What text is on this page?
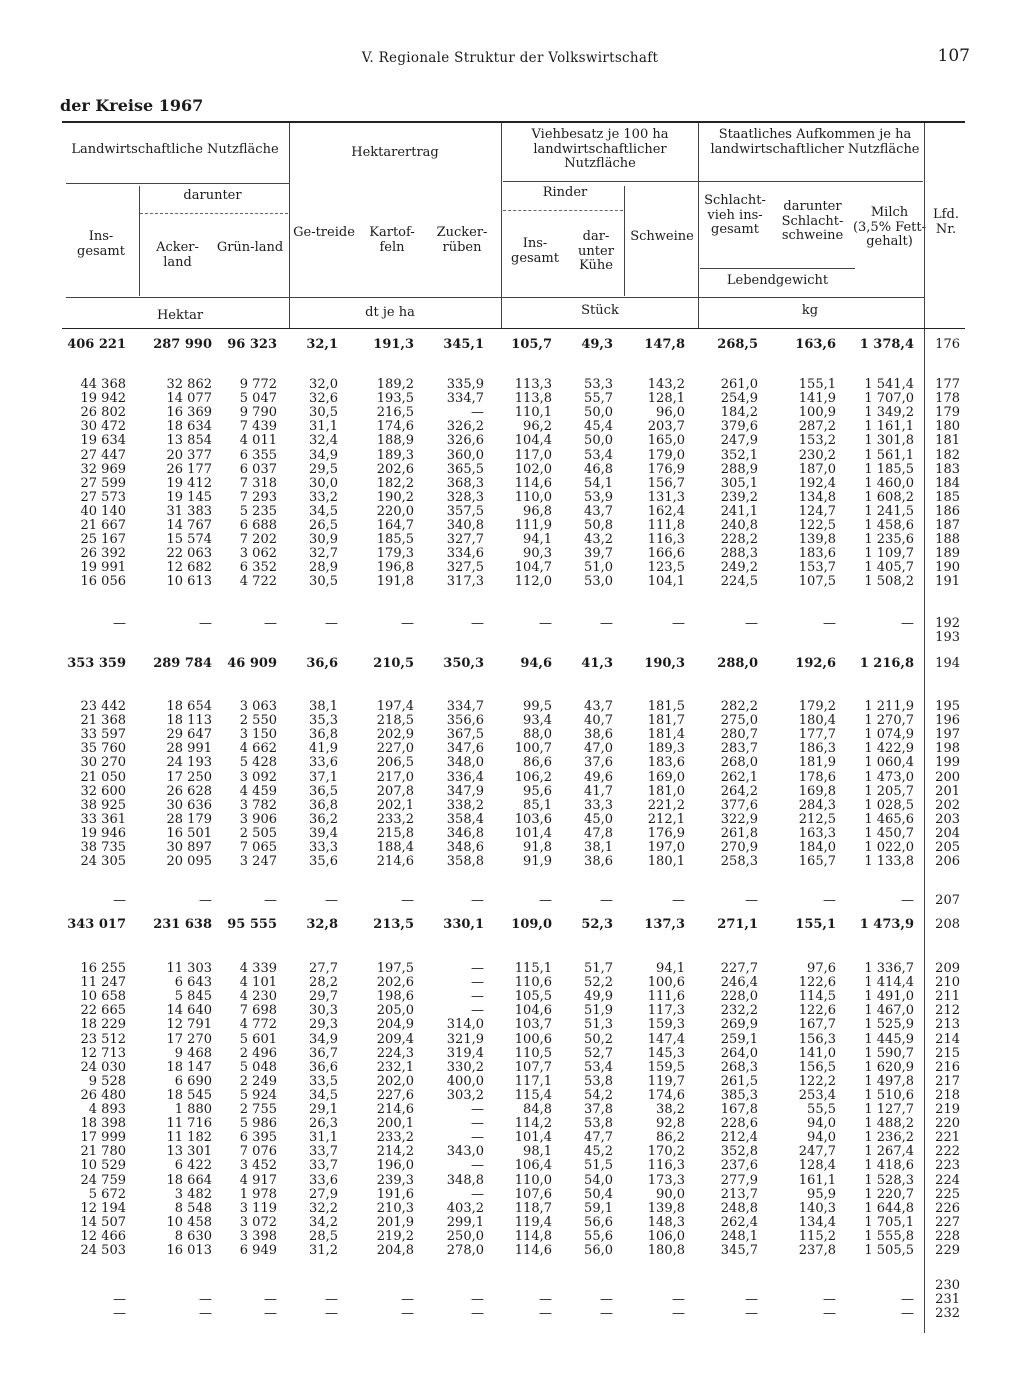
V. Regionale Struktur der Volkswirtschaft	107
der Kreise 1967
Landwirtschaftliche Nutzfläche	Hektarertrag
Viehbesatz je 100 ha landwirtschaftlicher Nutzfläche
Staatliches Aufkommen je ha landwirtschaftlicher Nutzfläche
darunter	Rinder
Ins-gesamt	Acker-land
Grün-land
Ge-treide	Kartof-feln
Zucker-rüben	Ins-gesamt
dar-unter Kühe
Schweine
Schlacht-vieh ins-gesamt
darunter Schlacht-schweine
Milch (3,5% Fett-gehalt)
Lfd. Nr.
Lebendgewicht
Hektar	dt je ha	Stück	kg
406 221	287 990	96 323	32,1	191,3	345,1	105,7	49,3	147,8	268,5	163,6	1 378,4	176
44 368	32 862	9 772	32,0	189,2	335,9	113,3	53,3	143,2	261,0	155,1	1 541,4	177
19 942	14 077	5 047	32,6	193,5	334,7	113,8	55,7	128,1	254,9	141,9	1 707,0	178
26 802	16 369	9 790	30,5	216,5	—	110,1	50,0	96,0	184,2	100,9	1 349,2	179
30 472	18 634	7 439	31,1	174,6	326,2	96,2	45,4	203,7	379,6	287,2	1 161,1	180
19 634	13 854	4 011	32,4	188,9	326,6	104,4	50,0	165,0	247,9	153,2	1 301,8	181
27 447	20 377	6 355	34,9	189,3	360,0	117,0	53,4	179,0	352,1	230,2	1 561,1	182
32 969	26 177	6 037	29,5	202,6	365,5	102,0	46,8	176,9	288,9	187,0	1 185,5	183
27 599	19 412	7 318	30,0	182,2	368,3	114,6	54,1	156,7	305,1	192,4	1 460,0	184
27 573	19 145	7 293	33,2	190,2	328,3	110,0	53,9	131,3	239,2	134,8	1 608,2	185
40 140	31 383	5 235	34,5	220,0	357,5	96,8	43,7	162,4	241,1	124,7	1 241,5	186
21 667	14 767	6 688	26,5	164,7	340,8	111,9	50,8	111,8	240,8	122,5	1 458,6	187
25 167	15 574	7 202	30,9	185,5	327,7	94,1	43,2	116,3	228,2	139,8	1 235,6	188
26 392	22 063	3 062	32,7	179,3	334,6	90,3	39,7	166,6	288,3	183,6	1 109,7	189
19 991	12 682	6 352	28,9	196,8	327,5	104,7	51,0	123,5	249,2	153,7	1 405,7	190
16 056	10 613	4 722	30,5	191,8	317,3	112,0	53,0	104,1	224,5	107,5	1 508,2	191
—	—	—	—	—	—	—	—	—	—	—	—	192
193
353 359	289 784	46 909	36,6	210,5	350,3	94,6	41,3	190,3	288,0	192,6	1 216,8	194
23 442	18 654	3 063	38,1	197,4	334,7	99,5	43,7	181,5	282,2	179,2	1 211,9	195
21 368	18 113	2 550	35,3	218,5	356,6	93,4	40,7	181,7	275,0	180,4	1 270,7	196
33 597	29 647	3 150	36,8	202,9	367,5	88,0	38,6	181,4	280,7	177,7	1 074,9	197
35 760	28 991	4 662	41,9	227,0	347,6	100,7	47,0	189,3	283,7	186,3	1 422,9	198
30 270	24 193	5 428	33,6	206,5	348,0	86,6	37,6	183,6	268,0	181,9	1 060,4	199
21 050	17 250	3 092	37,1	217,0	336,4	106,2	49,6	169,0	262,1	178,6	1 473,0	200
32 600	26 628	4 459	36,5	207,8	347,9	95,6	41,7	181,0	264,2	169,8	1 205,7	201
38 925	30 636	3 782	36,8	202,1	338,2	85,1	33,3	221,2	377,6	284,3	1 028,5	202
33 361	28 179	3 906	36,2	233,2	358,4	103,6	45,0	212,1	322,9	212,5	1 465,6	203
19 946	16 501	2 505	39,4	215,8	346,8	101,4	47,8	176,9	261,8	163,3	1 450,7	204
38 735	30 897	7 065	33,3	188,4	348,6	91,8	38,1	197,0	270,9	184,0	1 022,0	205
24 305	20 095	3 247	35,6	214,6	358,8	91,9	38,6	180,1	258,3	165,7	1 133,8	206
—	—	—	—	—	—	—	—	—	—	—	—	207
343 017	231 638	95 555	32,8	213,5	330,1	109,0	52,3	137,3	271,1	155,1	1 473,9	208
16 255	11 303	4 339	27,7	197,5	—	115,1	51,7	94,1	227,7	97,6	1 336,7	209
11 247	6 643	4 101	28,2	202,6	—	110,6	52,2	100,6	246,4	122,6	1 414,4	210
10 658	5 845	4 230	29,7	198,6	—	105,5	49,9	111,6	228,0	114,5	1 491,0	211
22 665	14 640	7 698	30,3	205,0	—	104,6	51,9	117,3	232,2	122,6	1 467,0	212
18 229	12 791	4 772	29,3	204,9	314,0	103,7	51,3	159,3	269,9	167,7	1 525,9	213
23 512	17 270	5 601	34,9	209,4	321,9	100,6	50,2	147,4	259,1	156,3	1 445,9	214
12 713	9 468	2 496	36,7	224,3	319,4	110,5	52,7	145,3	264,0	141,0	1 590,7	215
24 030	18 147	5 048	36,6	232,1	330,2	107,7	53,4	159,5	268,3	156,5	1 620,9	216
9 528	6 690	2 249	33,5	202,0	400,0	117,1	53,8	119,7	261,5	122,2	1 497,8	217
26 480	18 545	5 924	34,5	227,6	303,2	115,4	54,2	174,6	385,3	253,4	1 510,6	218
4 893	1 880	2 755	29,1	214,6	—	84,8	37,8	38,2	167,8	55,5	1 127,7	219
18 398	11 716	5 986	26,3	200,1	—	114,2	53,8	92,8	228,6	94,0	1 488,2	220
17 999	11 182	6 395	31,1	233,2	—	101,4	47,7	86,2	212,4	94,0	1 236,2	221
21 780	13 301	7 076	33,7	214,2	343,0	98,1	45,2	170,2	352,8	247,7	1 267,4	222
10 529	6 422	3 452	33,7	196,0	—	106,4	51,5	116,3	237,6	128,4	1 418,6	223
24 759	18 664	4 917	33,6	239,3	348,8	110,0	54,0	173,3	277,9	161,1	1 528,3	224
5 672	3 482	1 978	27,9	191,6	—	107,6	50,4	90,0	213,7	95,9	1 220,7	225
12 194	8 548	3 119	32,2	210,3	403,2	118,7	59,1	139,8	248,8	140,3	1 644,8	226
14 507	10 458	3 072	34,2	201,9	299,1	119,4	56,6	148,3	262,4	134,4	1 705,1	227
12 466	8 630	3 398	28,5	219,2	250,0	114,8	55,6	106,0	248,1	115,2	1 555,8	228
24 503	16 013	6 949	31,2	204,8	278,0	114,6	56,0	180,8	345,7	237,8	1 505,5	229
230
—	—	—	—	—	—	—	—	—	—	—	—	231
—	—	—	—	—	—	—	—	—	—	—	—	232
